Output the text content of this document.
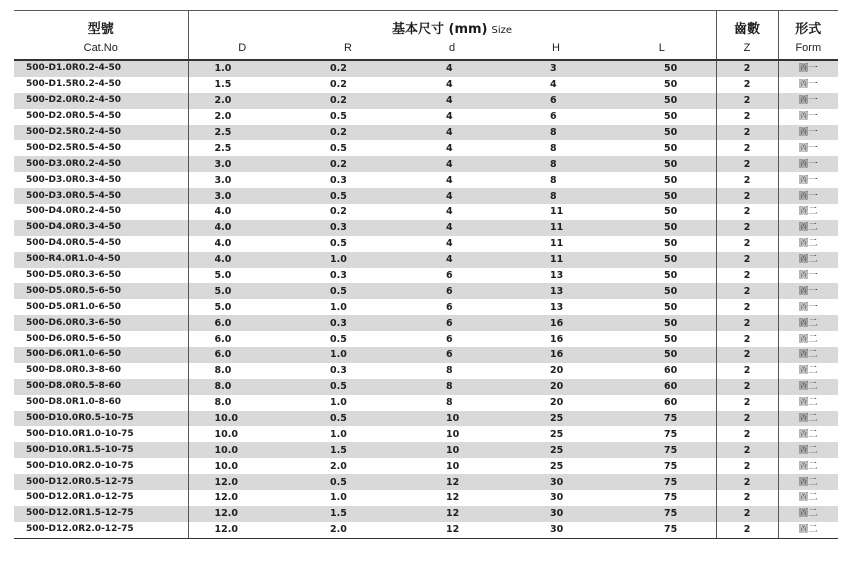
型號	基本尺寸 (mm) Size					齒數	形式
Cat.No	D	R	d	H	L	Z	Form
500-D1.0R0.2-4-50	1.0	0.2	4	3	50	2	圖一
500-D1.5R0.2-4-50	1.5	0.2	4	4	50	2	圖一
500-D2.0R0.2-4-50	2.0	0.2	4	6	50	2	圖一
500-D2.0R0.5-4-50	2.0	0.5	4	6	50	2	圖一
500-D2.5R0.2-4-50	2.5	0.2	4	8	50	2	圖一
500-D2.5R0.5-4-50	2.5	0.5	4	8	50	2	圖一
500-D3.0R0.2-4-50	3.0	0.2	4	8	50	2	圖一
500-D3.0R0.3-4-50	3.0	0.3	4	8	50	2	圖一
500-D3.0R0.5-4-50	3.0	0.5	4	8	50	2	圖一
500-D4.0R0.2-4-50	4.0	0.2	4	11	50	2	圖二
500-D4.0R0.3-4-50	4.0	0.3	4	11	50	2	圖二
500-D4.0R0.5-4-50	4.0	0.5	4	11	50	2	圖二
500-R4.0R1.0-4-50	4.0	1.0	4	11	50	2	圖二
500-D5.0R0.3-6-50	5.0	0.3	6	13	50	2	圖一
500-D5.0R0.5-6-50	5.0	0.5	6	13	50	2	圖一
500-D5.0R1.0-6-50	5.0	1.0	6	13	50	2	圖一
500-D6.0R0.3-6-50	6.0	0.3	6	16	50	2	圖二
500-D6.0R0.5-6-50	6.0	0.5	6	16	50	2	圖二
500-D6.0R1.0-6-50	6.0	1.0	6	16	50	2	圖二
500-D8.0R0.3-8-60	8.0	0.3	8	20	60	2	圖二
500-D8.0R0.5-8-60	8.0	0.5	8	20	60	2	圖二
500-D8.0R1.0-8-60	8.0	1.0	8	20	60	2	圖二
500-D10.0R0.5-10-75	10.0	0.5	10	25	75	2	圖二
500-D10.0R1.0-10-75	10.0	1.0	10	25	75	2	圖二
500-D10.0R1.5-10-75	10.0	1.5	10	25	75	2	圖二
500-D10.0R2.0-10-75	10.0	2.0	10	25	75	2	圖二
500-D12.0R0.5-12-75	12.0	0.5	12	30	75	2	圖二
500-D12.0R1.0-12-75	12.0	1.0	12	30	75	2	圖二
500-D12.0R1.5-12-75	12.0	1.5	12	30	75	2	圖二
500-D12.0R2.0-12-75	12.0	2.0	12	30	75	2	圖二
